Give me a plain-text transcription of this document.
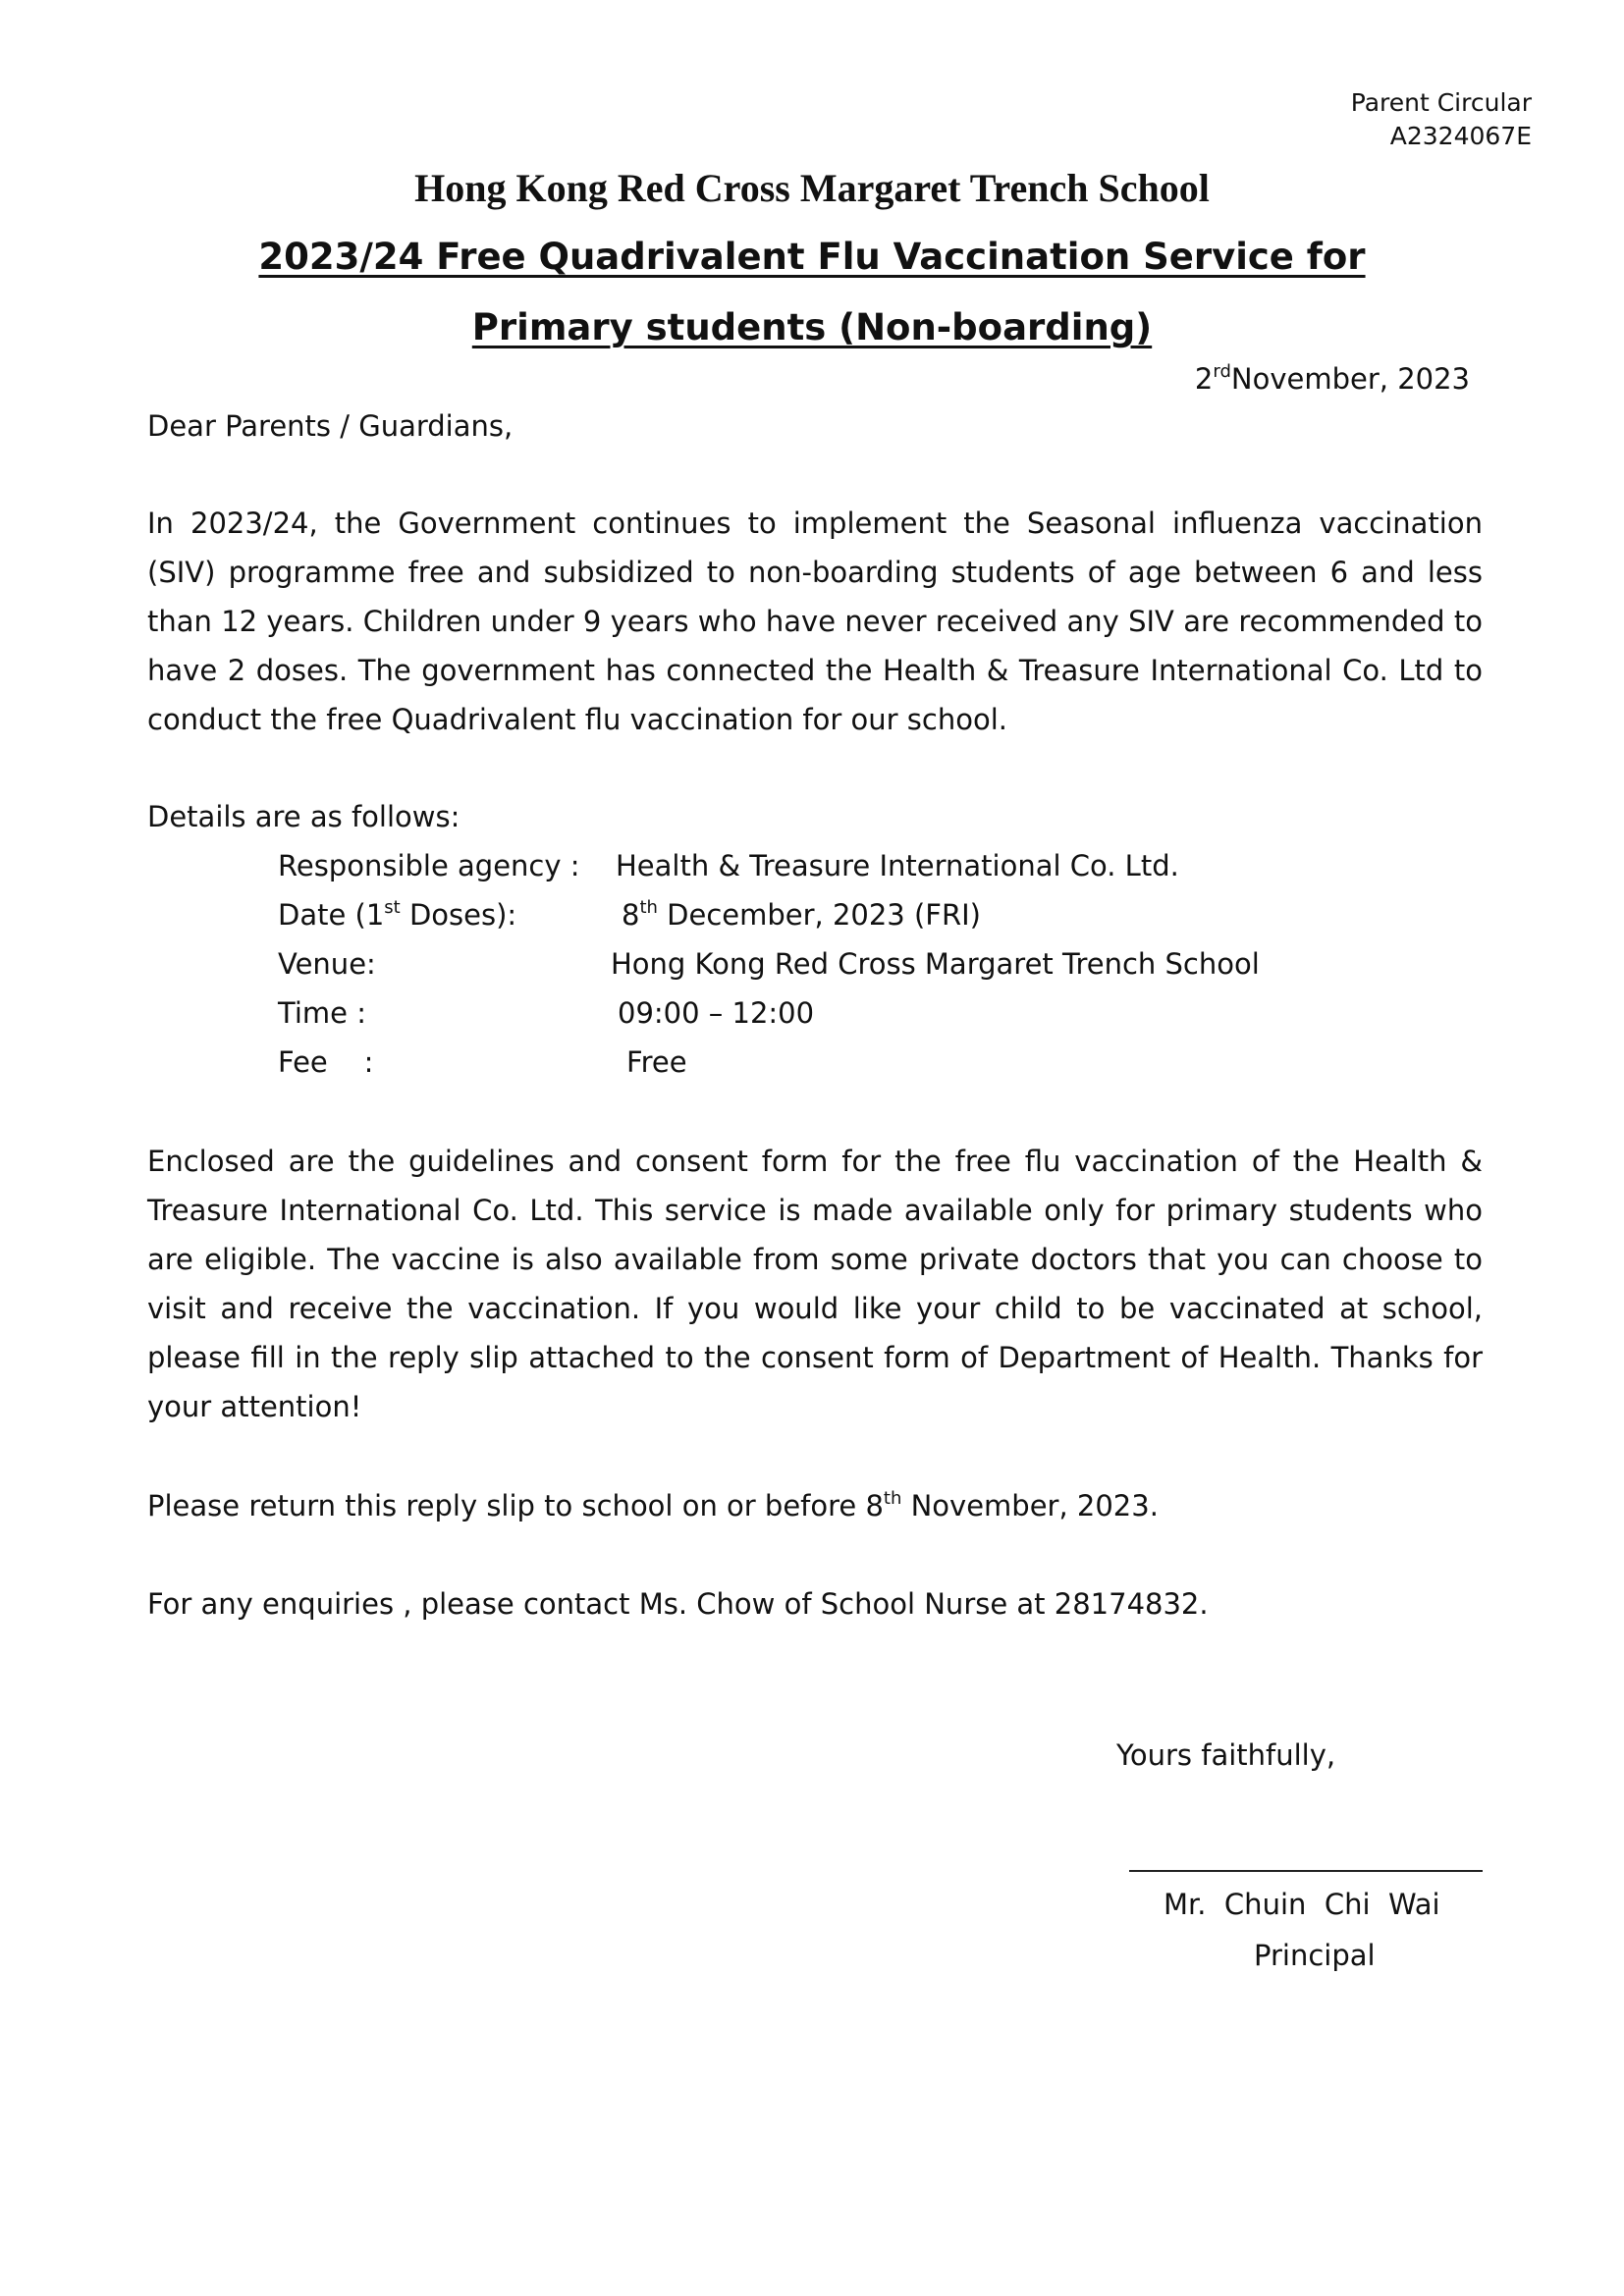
Parent Circular
A2324067E
Hong Kong Red Cross Margaret Trench School
2023/24 Free Quadrivalent Flu Vaccination Service for
Primary students (Non-boarding)
2rdNovember, 2023
Dear Parents / Guardians,
In 2023/24, the Government continues to implement the Seasonal influenza vaccination (SIV) programme free and subsidized to non-boarding students of age between 6 and less than 12 years. Children under 9 years who have never received any SIV are recommended to have 2 doses. The government has connected the Health & Treasure International Co. Ltd to conduct the free Quadrivalent flu vaccination for our school.
Details are as follows:
Responsible agency : Health & Treasure International Co. Ltd.
Date (1st Doses):	8th December, 2023 (FRI)
Venue:	Hong Kong Red Cross Margaret Trench School
Time :	09:00 – 12:00
Fee    :	Free
Enclosed are the guidelines and consent form for the free flu vaccination of the Health & Treasure International Co. Ltd. This service is made available only for primary students who are eligible. The vaccine is also available from some private doctors that you can choose to visit and receive the vaccination. If you would like your child to be vaccinated at school, please fill in the reply slip attached to the consent form of Department of Health. Thanks for your attention!
Please return this reply slip to school on or before 8th November, 2023.
For any enquiries , please contact Ms. Chow of School Nurse at 28174832.
Yours faithfully,
Mr.  Chuin  Chi  Wai
Principal
